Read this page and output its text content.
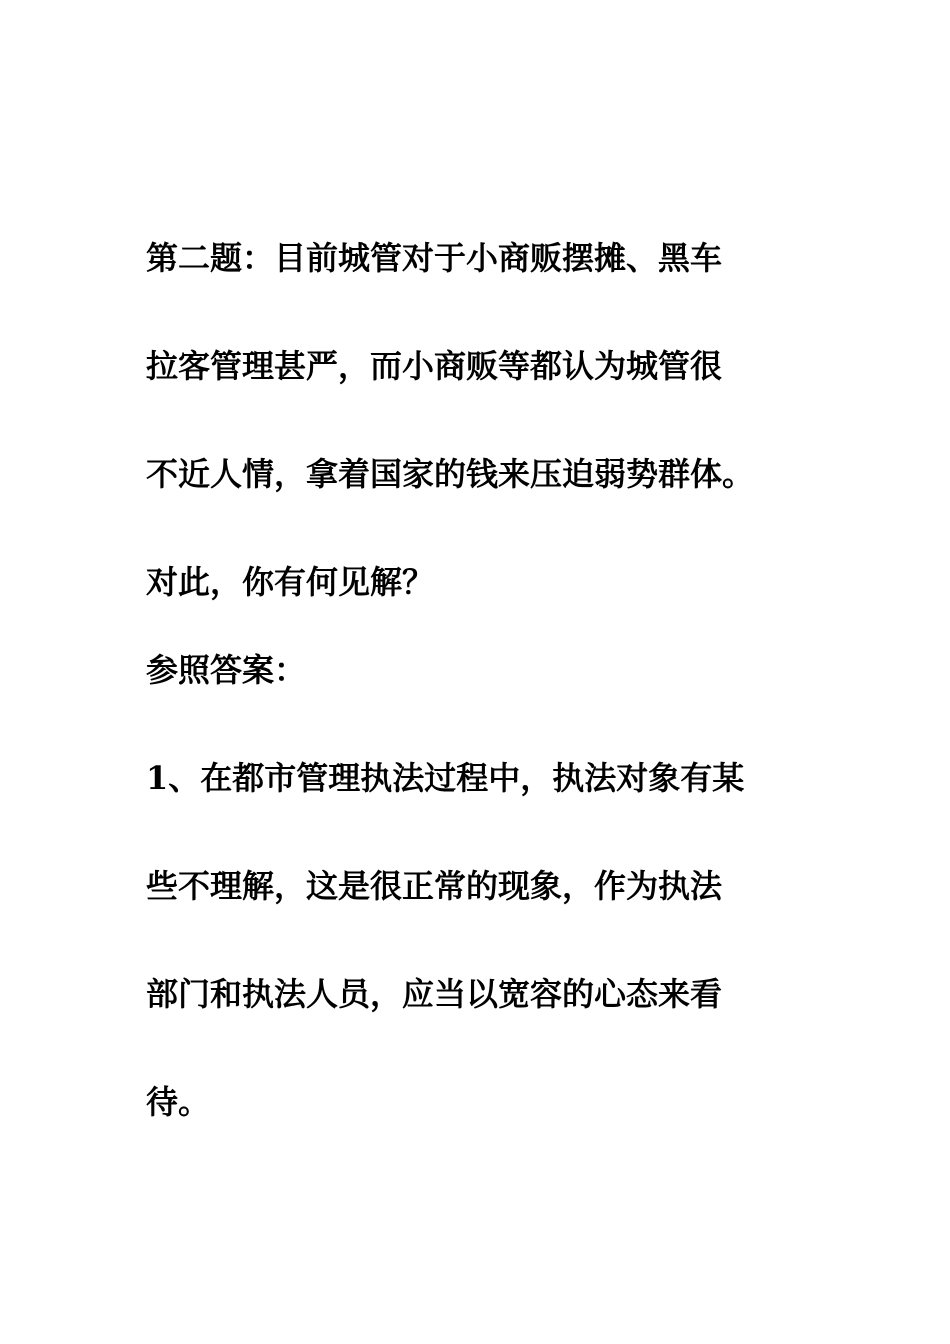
第二题：目前城管对于小商贩摆摊、黑车
拉客管理甚严，而小商贩等都认为城管很
不近人情，拿着国家的钱来压迫弱势群体。
对此，你有何见解？
参照答案：
1、在都市管理执法过程中，执法对象有某
些不理解，这是很正常的现象，作为执法
部门和执法人员，应当以宽容的心态来看
待。
